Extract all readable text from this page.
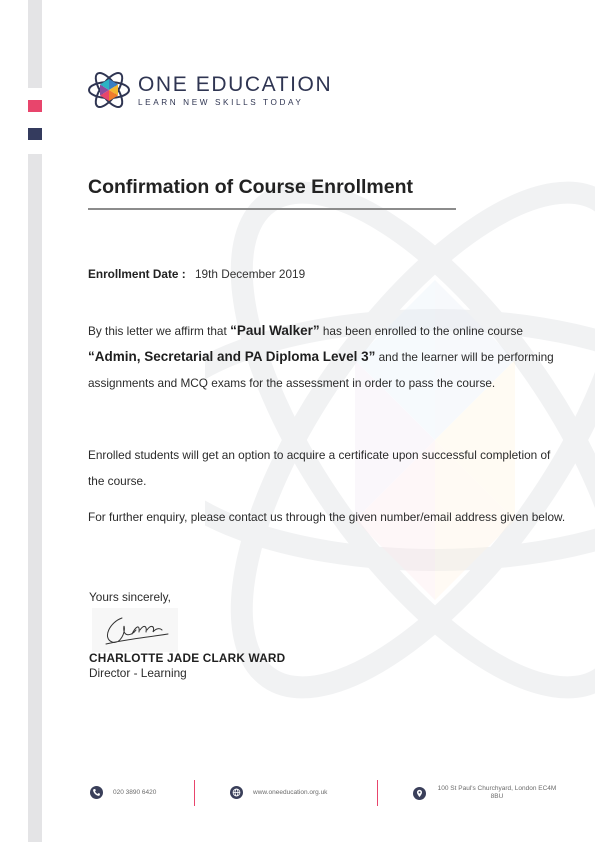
ONE EDUCATION
LEARN NEW SKILLS TODAY
Confirmation of Course Enrollment
Enrollment Date : 19th December 2019
By this letter we affirm that “Paul Walker” has been enrolled to the online course “Admin, Secretarial and PA Diploma Level 3” and the learner will be performing assignments and MCQ exams for the assessment in order to pass the course.
Enrolled students will get an option to acquire a certificate upon successful completion of the course.
For further enquiry, please contact us through the given number/email address given below.
Yours sincerely,
CHARLOTTE JADE CLARK WARD
Director - Learning
020 3890 6420	www.oneeducation.org.uk	100 St Paul's Churchyard, London EC4M 8BU
